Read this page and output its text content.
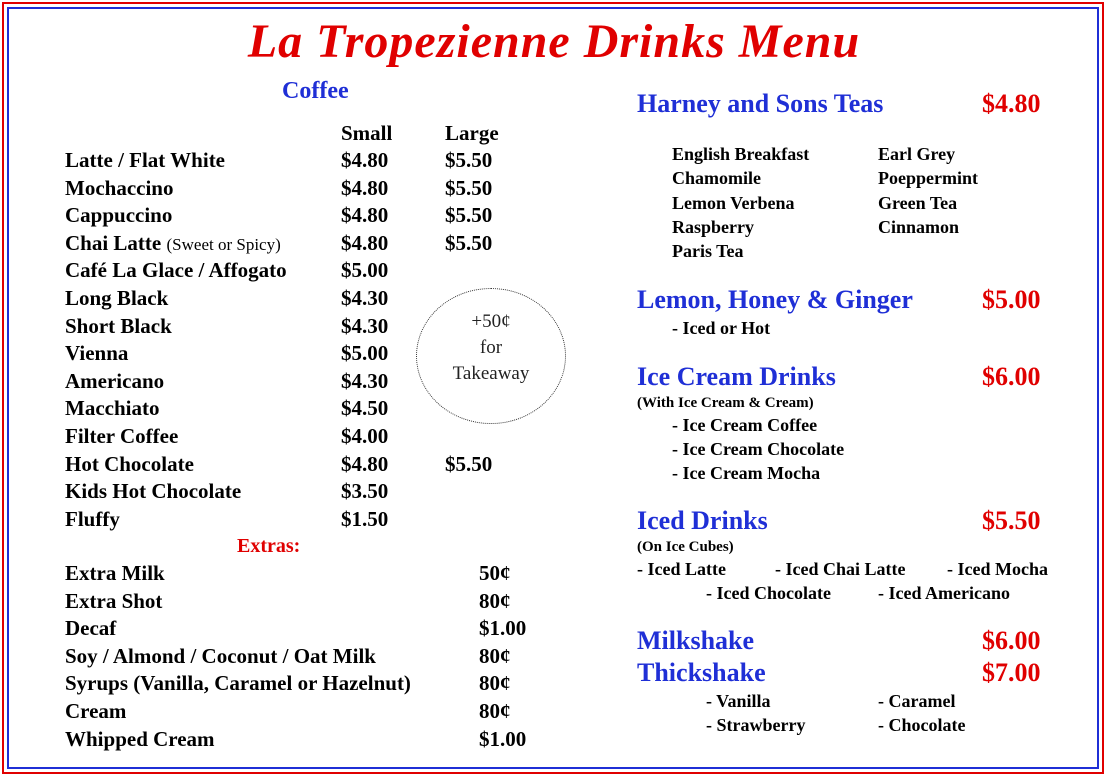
La Tropezienne Drinks Menu
Coffee
Small	Large
Latte / Flat White	$4.80	$5.50
Mochaccino	$4.80	$5.50
Cappuccino	$4.80	$5.50
Chai Latte (Sweet or Spicy)	$4.80	$5.50
Café La Glace / Affogato	$5.00
Long Black	$4.30
Short Black	$4.30
Vienna	$5.00
Americano	$4.30
Macchiato	$4.50
Filter Coffee	$4.00
Hot Chocolate	$4.80	$5.50
Kids Hot Chocolate	$3.50
Fluffy	$1.50
+50¢
for
Takeaway
Extras:
Extra Milk	50¢
Extra Shot	80¢
Decaf	$1.00
Soy / Almond / Coconut / Oat Milk	80¢
Syrups (Vanilla, Caramel or Hazelnut)	80¢
Cream	80¢
Whipped Cream	$1.00
Harney and Sons Teas	$4.80
English Breakfast
Chamomile
Lemon Verbena
Raspberry
Paris Tea
Earl Grey
Poeppermint
Green Tea
Cinnamon
Lemon, Honey & Ginger	$5.00
- Iced or Hot
Ice Cream Drinks	$6.00
(With Ice Cream & Cream)
- Ice Cream Coffee
- Ice Cream Chocolate
- Ice Cream Mocha
Iced Drinks	$5.50
(On Ice Cubes)
- Iced Latte	- Iced Chai Latte - Iced Mocha
- Iced Chocolate	- Iced Americano
Milkshake	$6.00
Thickshake	$7.00
- Vanilla
- Strawberry
- Caramel
- Chocolate
